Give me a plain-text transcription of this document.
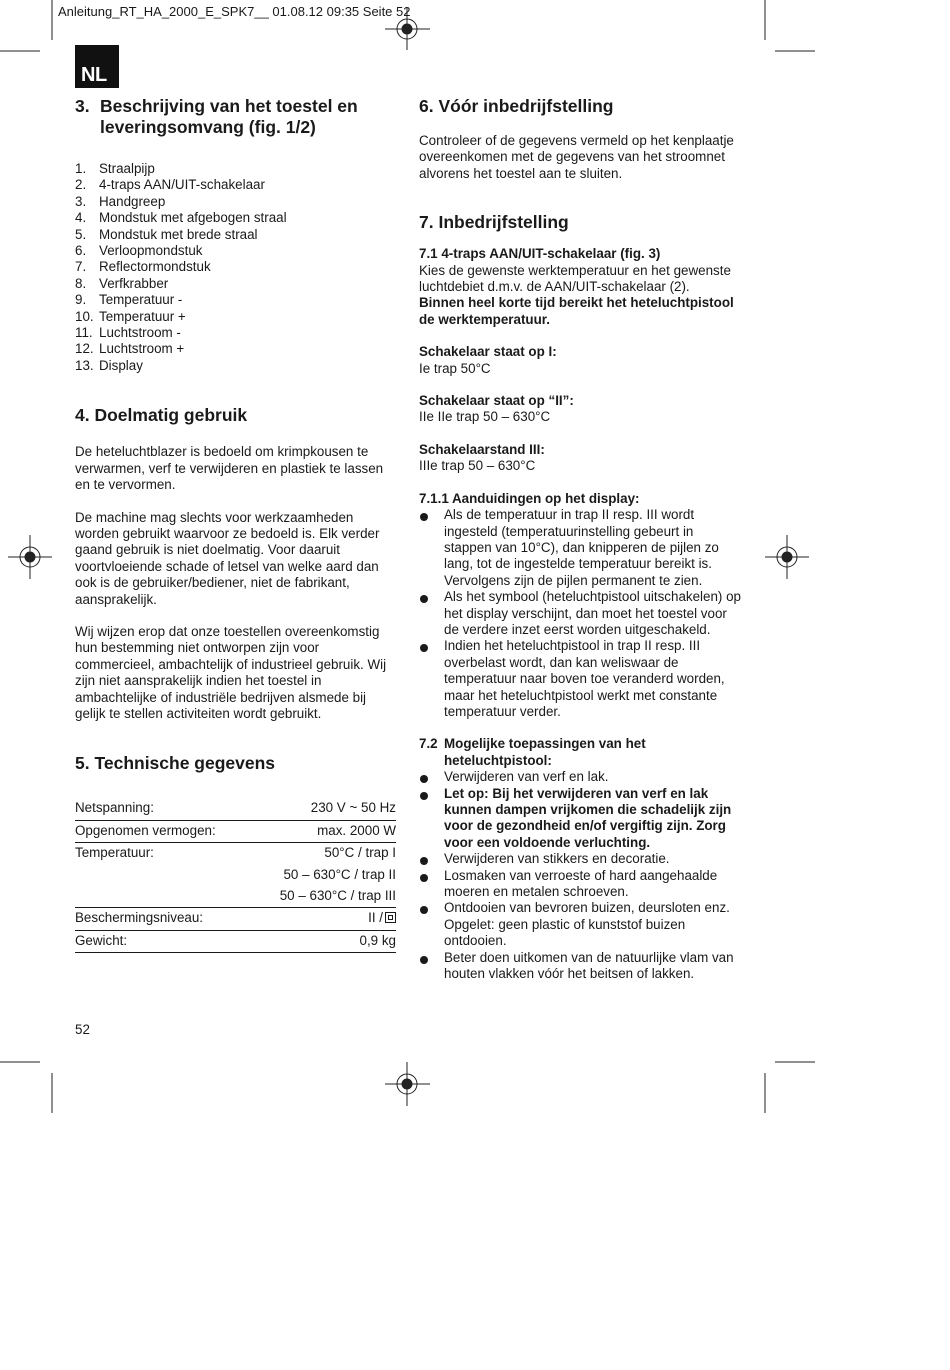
Anleitung_RT_HA_2000_E_SPK7__ 01.08.12 09:35 Seite 52
NL
3. Beschrijving van het toestel en leveringsomvang (fig. 1/2)
1. Straalpijp
2. 4-traps AAN/UIT-schakelaar
3. Handgreep
4. Mondstuk met afgebogen straal
5. Mondstuk met brede straal
6. Verloopmondstuk
7. Reflectormondstuk
8. Verfkrabber
9. Temperatuur -
10. Temperatuur +
11. Luchtstroom -
12. Luchtstroom +
13. Display
4. Doelmatig gebruik

De heteluchtblazer is bedoeld om krimpkousen te verwarmen, verf te verwijderen en plastiek te lassen en te vervormen.

De machine mag slechts voor werkzaamheden worden gebruikt waarvoor ze bedoeld is. Elk verder gaand gebruik is niet doelmatig. Voor daaruit voortvloeiende schade of letsel van welke aard dan ook is de gebruiker/bediener, niet de fabrikant, aansprakelijk.

Wij wijzen erop dat onze toestellen overeenkomstig hun bestemming niet ontworpen zijn voor commercieel, ambachtelijk of industrieel gebruik. Wij zijn niet aansprakelijk indien het toestel in ambachtelijke of industriële bedrijven alsmede bij gelijk te stellen activiteiten wordt gebruikt.

5. Technische gegevens
Netspanning:	230 V ~ 50 Hz
Opgenomen vermogen:	max. 2000 W
Temperatuur:	50°C / trap I
	50 – 630°C / trap II
	50 – 630°C / trap III
Beschermingsniveau:	II /
Gewicht:	0,9 kg
6. Vóór inbedrijfstelling

Controleer of de gegevens vermeld op het kenplaatje overeenkomen met de gegevens van het stroomnet alvorens het toestel aan te sluiten.

7. Inbedrijfstelling
7.1 4-traps AAN/UIT-schakelaar (fig. 3)

Kies de gewenste werktemperatuur en het gewenste luchtdebiet d.m.v. de AAN/UIT-schakelaar (2).

Binnen heel korte tijd bereikt het heteluchtpistool de werktemperatuur.

Schakelaar staat op I:

Ie trap 50°C

Schakelaar staat op “II”:

IIe IIe trap 50 – 630°C

Schakelaarstand III:

IIIe trap 50 – 630°C

7.1.1 Aanduidingen op het display:
Als de temperatuur in trap II resp. III wordt ingesteld (temperatuurinstelling gebeurt in stappen van 10°C), dan knipperen de pijlen zo lang, tot de ingestelde temperatuur bereikt is. Vervolgens zijn de pijlen permanent te zien.
Als het symbool (heteluchtpistool uitschakelen) op het display verschijnt, dan moet het toestel voor de verdere inzet eerst worden uitgeschakeld.
Indien het heteluchtpistool in trap II resp. III overbelast wordt, dan kan weliswaar de temperatuur naar boven toe veranderd worden, maar het heteluchtpistool werkt met constante temperatuur verder.
7.2 Mogelijke toepassingen van het heteluchtpistool:
Verwijderen van verf en lak.
Let op: Bij het verwijderen van verf en lak kunnen dampen vrijkomen die schadelijk zijn voor de gezondheid en/of vergiftig zijn. Zorg voor een voldoende verluchting.
Verwijderen van stikkers en decoratie.
Losmaken van verroeste of hard aangehaalde moeren en metalen schroeven.
Ontdooien van bevroren buizen, deursloten enz. Opgelet: geen plastic of kunststof buizen ontdooien.
Beter doen uitkomen van de natuurlijke vlam van houten vlakken vóór het beitsen of lakken.
52
